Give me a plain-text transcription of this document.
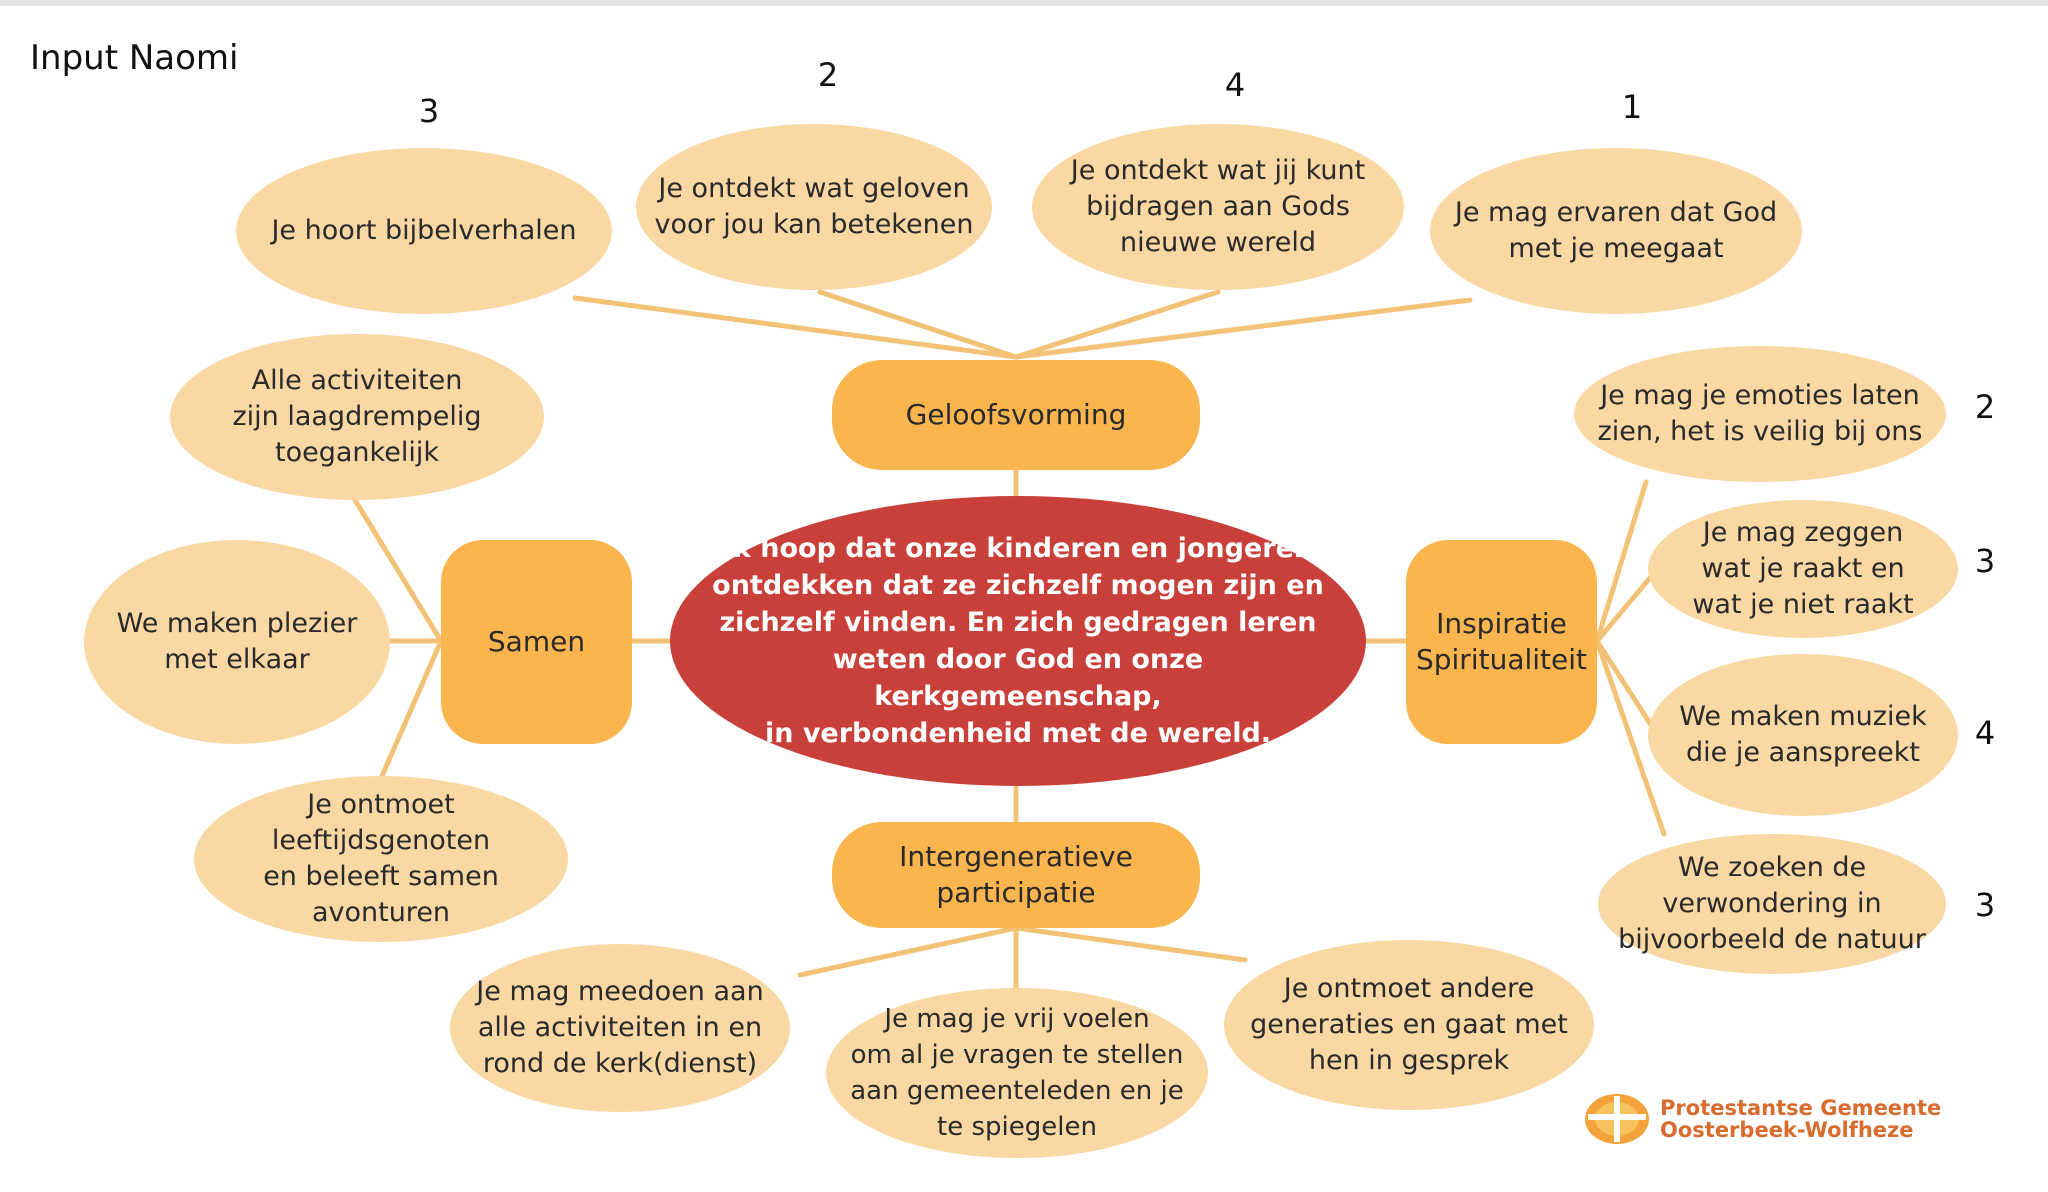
Input Naomi
3
2	4
1
2
3
4
3
Je hoort bijbelverhalen
Je ontdekt wat geloven
voor jou kan betekenen
Je ontdekt wat jij kunt
bijdragen aan Gods
nieuwe wereld
Je mag ervaren dat God
met je meegaat
Alle activiteiten
zijn laagdrempelig
toegankelijk
We maken plezier
met elkaar
Je ontmoet
leeftijdsgenoten
en beleeft samen
avonturen
Je mag je emoties laten
zien, het is veilig bij ons
Je mag zeggen
wat je raakt en
wat je niet raakt
We maken muziek
die je aanspreekt
We zoeken de
verwondering in
bijvoorbeeld de natuur
Je mag meedoen aan
alle activiteiten in en
rond de kerk(dienst)
Je mag je vrij voelen
om al je vragen te stellen
aan gemeenteleden en je
te spiegelen
Je ontmoet andere
generaties en gaat met
hen in gesprek
Geloofsvorming
Samen
Inspiratie
Spiritualiteit
Intergeneratieve
participatie
Ik hoop dat onze kinderen en jongeren
ontdekken dat ze zichzelf mogen zijn en
zichzelf vinden. En zich gedragen leren
weten door God en onze kerkgemeenschap,
in verbondenheid met de wereld.
Protestantse Gemeente
Oosterbeek-Wolfheze
